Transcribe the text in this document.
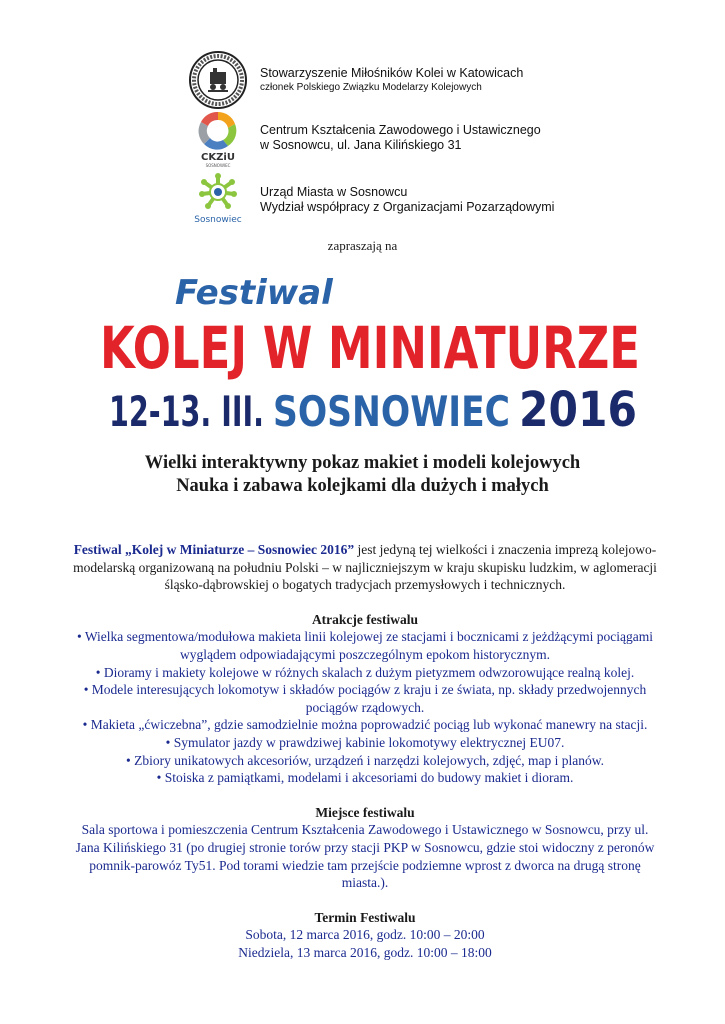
Stowarzyszenie Miłośników Kolei w Katowicach
członek Polskiego Związku Modelarzy Kolejowych
CKZiU
SOSNOWIEC
Centrum Kształcenia Zawodowego i Ustawicznego
w Sosnowcu, ul. Jana Kilińskiego 31
Sosnowiec
Urząd Miasta w Sosnowcu
Wydział współpracy z Organizacjami Pozarządowymi
zapraszają na
Festiwal
KOLEJ W MINIATURZE
12-13. III. SOSNOWIEC 2016
Wielki interaktywny pokaz makiet i modeli kolejowych
Nauka i zabawa kolejkami dla dużych i małych

Festiwal „Kolej w Miniaturze – Sosnowiec 2016” jest jedyną tej wielkości i znaczenia imprezą kolejowo-modelarską organizowaną na południu Polski – w najliczniejszym w kraju skupisku ludzkim, w aglomeracji śląsko-dąbrowskiej o bogatych tradycjach przemysłowych i technicznych.

Atrakcje festiwalu

• Wielka segmentowa/modułowa makieta linii kolejowej ze stacjami i bocznicami z jeżdżącymi pociągami wyglądem odpowiadającymi poszczególnym epokom historycznym.

• Dioramy i makiety kolejowe w różnych skalach z dużym pietyzmem odwzorowujące realną kolej.

• Modele interesujących lokomotyw i składów pociągów z kraju i ze świata, np. składy przedwojennych pociągów rządowych.

• Makieta „ćwiczebna”, gdzie samodzielnie można poprowadzić pociąg lub wykonać manewry na stacji.

• Symulator jazdy w prawdziwej kabinie lokomotywy elektrycznej EU07.

• Zbiory unikatowych akcesoriów, urządzeń i narzędzi kolejowych, zdjęć, map i planów.

• Stoiska z pamiątkami, modelami i akcesoriami do budowy makiet i dioram.

Miejsce festiwalu

Sala sportowa i pomieszczenia Centrum Kształcenia Zawodowego i Ustawicznego w Sosnowcu, przy ul. Jana Kilińskiego 31 (po drugiej stronie torów przy stacji PKP w Sosnowcu, gdzie stoi widoczny z peronów pomnik-parowóz Ty51. Pod torami wiedzie tam przejście podziemne wprost z dworca na drugą stronę miasta.).

Termin Festiwalu

Sobota, 12 marca 2016, godz. 10:00 – 20:00

Niedziela, 13 marca 2016, godz. 10:00 – 18:00
